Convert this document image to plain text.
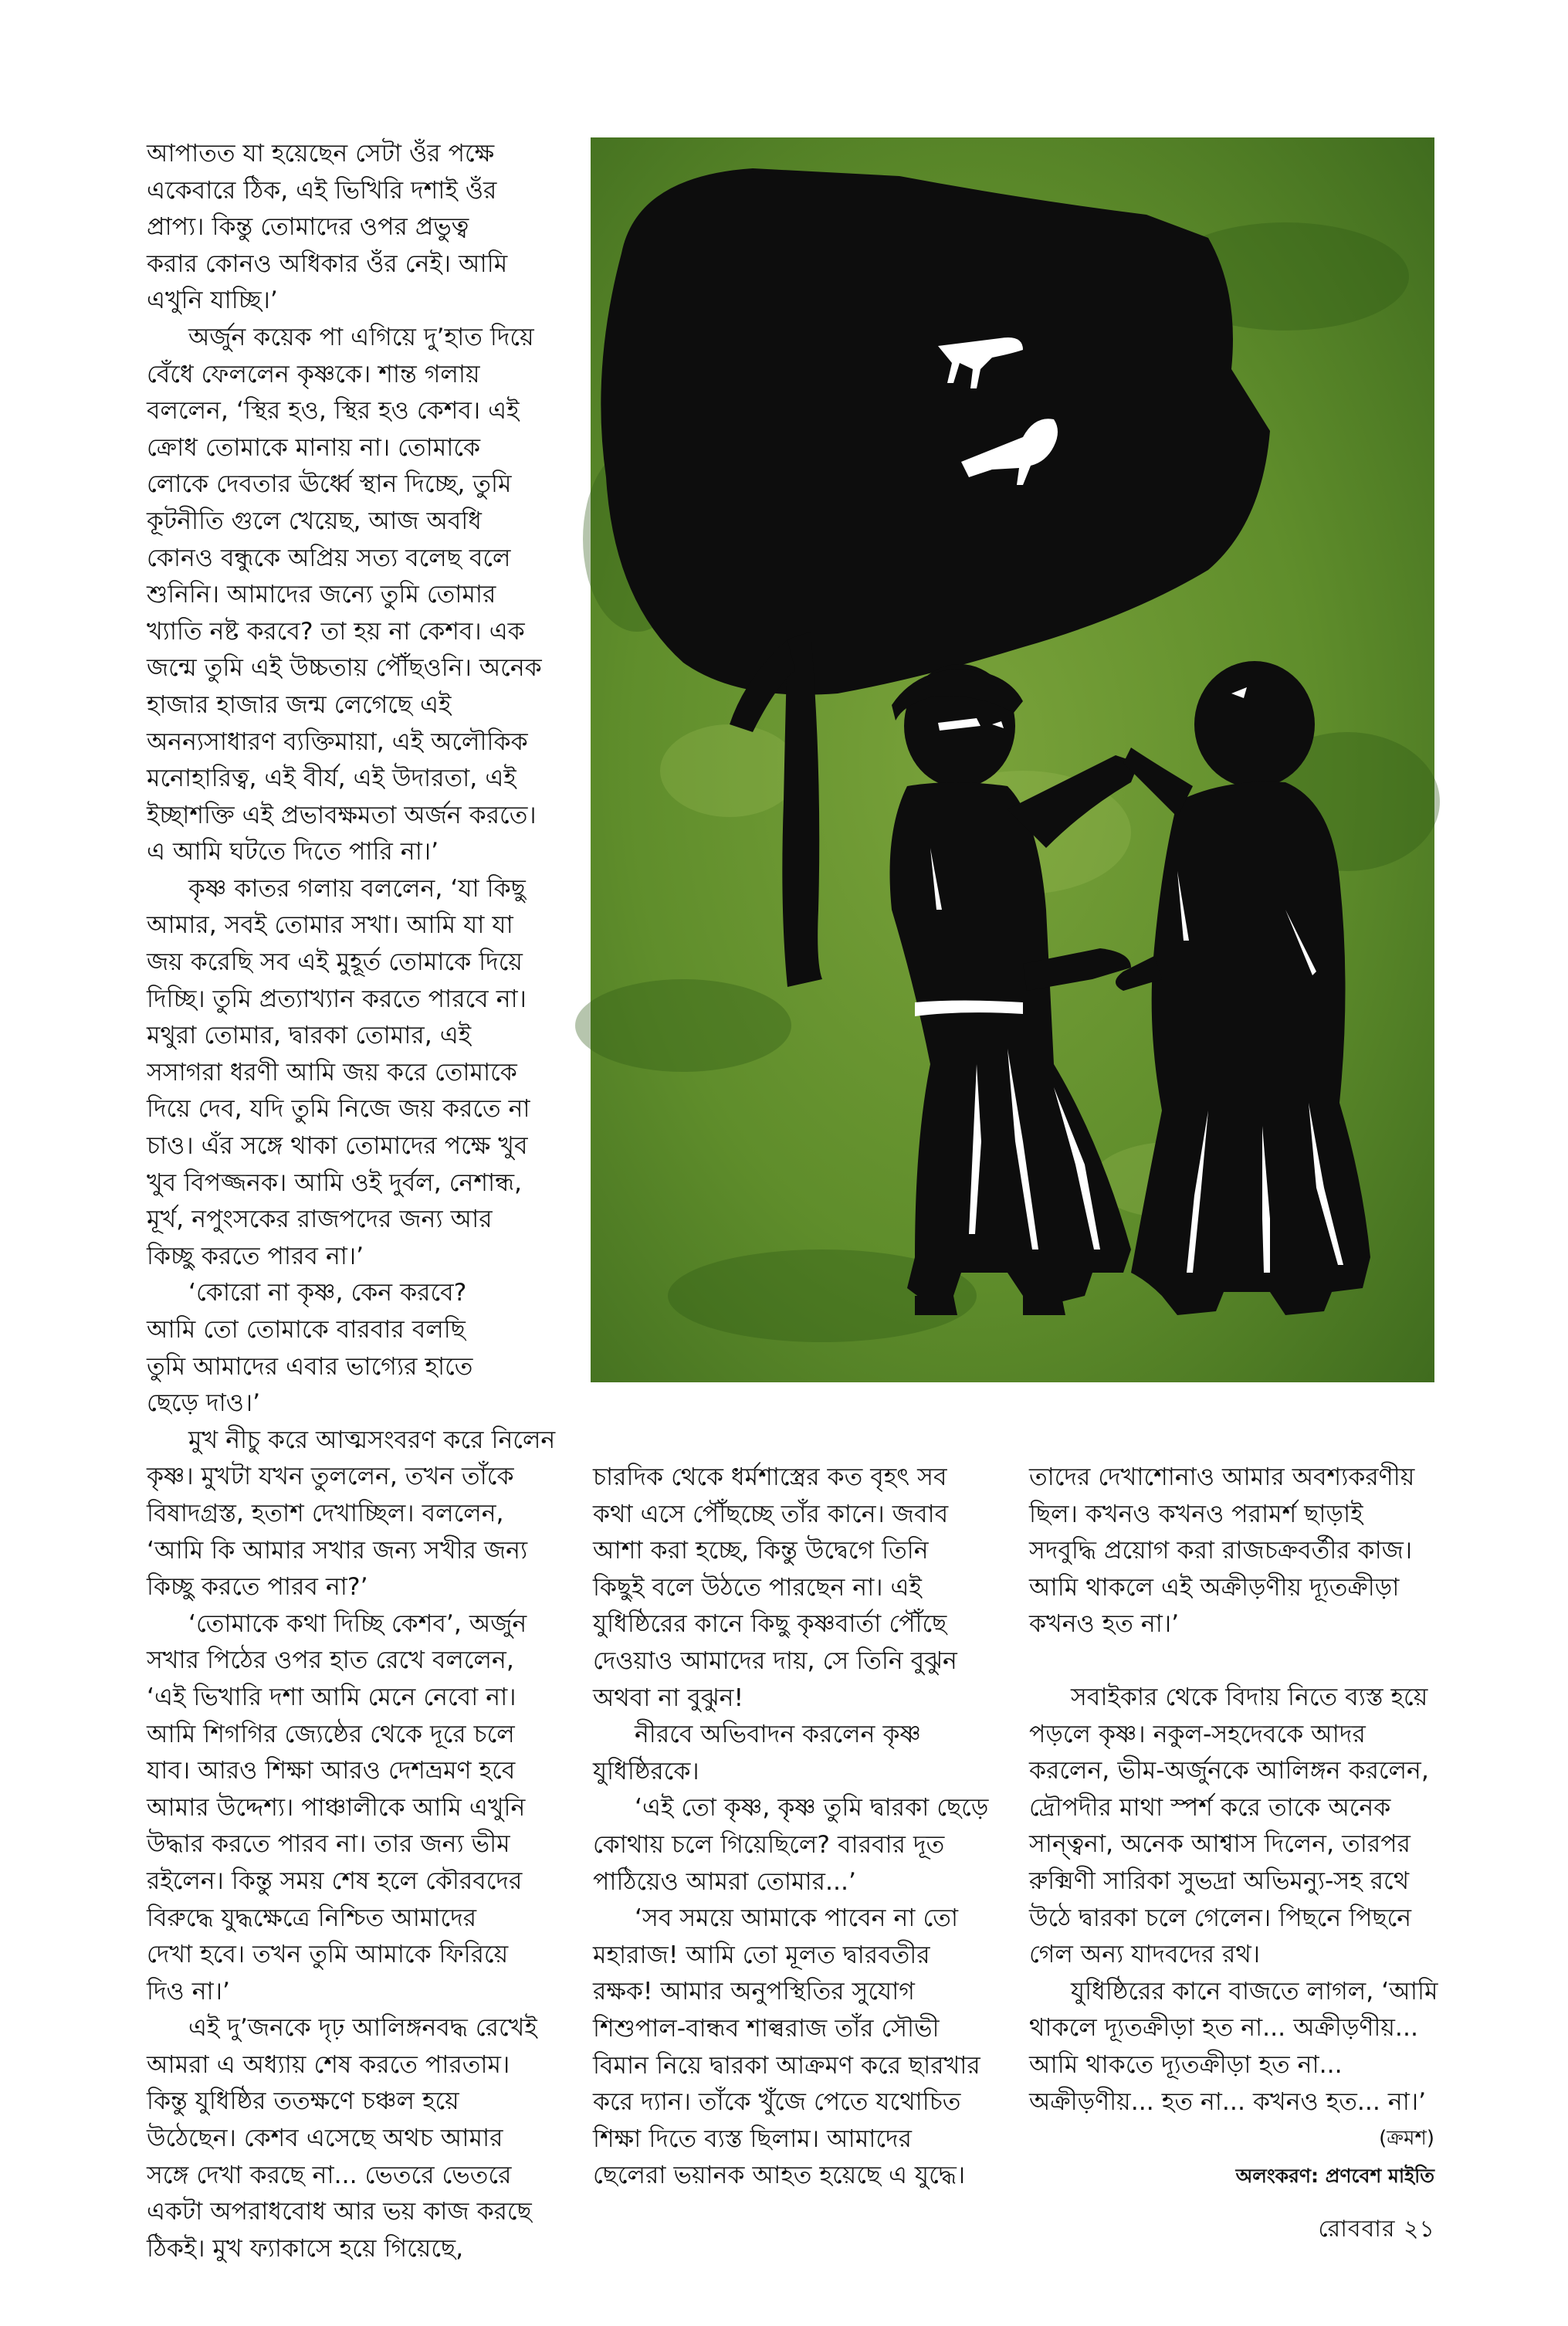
আপাতত যা হয়েছেন সেটা ওঁর পক্ষে

একেবারে ঠিক, এই ভিখিরি দশাই ওঁর

প্রাপ্য। কিন্তু তোমাদের ওপর প্রভুত্ব

করার কোনও অধিকার ওঁর নেই। আমি

এখুনি যাচ্ছি।’

অর্জুন কয়েক পা এগিয়ে দু’হাত দিয়ে

বেঁধে ফেললেন কৃষ্ণকে। শান্ত গলায়

বললেন, ‘স্থির হও, স্থির হও কেশব। এই

ক্রোধ তোমাকে মানায় না। তোমাকে

লোকে দেবতার ঊর্ধ্বে স্থান দিচ্ছে, তুমি

কূটনীতি গুলে খেয়েছ, আজ অবধি

কোনও বন্ধুকে অপ্রিয় সত্য বলেছ বলে

শুনিনি। আমাদের জন্যে তুমি তোমার

খ্যাতি নষ্ট করবে? তা হয় না কেশব। এক

জন্মে তুমি এই উচ্চতায় পৌঁছওনি। অনেক

হাজার হাজার জন্ম লেগেছে এই

অনন্যসাধারণ ব্যক্তিমায়া, এই অলৌকিক

মনোহারিত্ব, এই বীর্য, এই উদারতা, এই

ইচ্ছাশক্তি এই প্রভাবক্ষমতা অর্জন করতে।

এ আমি ঘটতে দিতে পারি না।’

কৃষ্ণ কাতর গলায় বললেন, ‘যা কিছু

আমার, সবই তোমার সখা। আমি যা যা

জয় করেছি সব এই মুহূর্ত তোমাকে দিয়ে

দিচ্ছি। তুমি প্রত্যাখ্যান করতে পারবে না।

মথুরা তোমার, দ্বারকা তোমার, এই

সসাগরা ধরণী আমি জয় করে তোমাকে

দিয়ে দেব, যদি তুমি নিজে জয় করতে না

চাও। এঁর সঙ্গে থাকা তোমাদের পক্ষে খুব

খুব বিপজ্জনক। আমি ওই দুর্বল, নেশান্ধ,

মূর্খ, নপুংসকের রাজপদের জন্য আর

কিচ্ছু করতে পারব না।’

‘কোরো না কৃষ্ণ, কেন করবে?

আমি তো তোমাকে বারবার বলছি

তুমি আমাদের এবার ভাগ্যের হাতে

ছেড়ে দাও।’

মুখ নীচু করে আত্মসংবরণ করে নিলেন

কৃষ্ণ। মুখটা যখন তুললেন, তখন তাঁকে

বিষাদগ্রস্ত, হতাশ দেখাচ্ছিল। বললেন,

‘আমি কি আমার সখার জন্য সখীর জন্য

কিচ্ছু করতে পারব না?’

‘তোমাকে কথা দিচ্ছি কেশব’, অর্জুন

সখার পিঠের ওপর হাত রেখে বললেন,

‘এই ভিখারি দশা আমি মেনে নেবো না।

আমি শিগগির জ্যেষ্ঠের থেকে দূরে চলে

যাব। আরও শিক্ষা আরও দেশভ্রমণ হবে

আমার উদ্দেশ্য। পাঞ্চালীকে আমি এখুনি

উদ্ধার করতে পারব না। তার জন্য ভীম

রইলেন। কিন্তু সময় শেষ হলে কৌরবদের

বিরুদ্ধে যুদ্ধক্ষেত্রে নিশ্চিত আমাদের

দেখা হবে। তখন তুমি আমাকে ফিরিয়ে

দিও না।’

এই দু’জনকে দৃঢ় আলিঙ্গনবদ্ধ রেখেই

আমরা এ অধ্যায় শেষ করতে পারতাম।

কিন্তু যুধিষ্ঠির ততক্ষণে চঞ্চল হয়ে

উঠেছেন। কেশব এসেছে অথচ আমার

সঙ্গে দেখা করছে না... ভেতরে ভেতরে

একটা অপরাধবোধ আর ভয় কাজ করছে

ঠিকই। মুখ ফ্যাকাসে হয়ে গিয়েছে,

চারদিক থেকে ধর্মশাস্ত্রের কত বৃহৎ সব

কথা এসে পৌঁছচ্ছে তাঁর কানে। জবাব

আশা করা হচ্ছে, কিন্তু উদ্বেগে তিনি

কিছুই বলে উঠতে পারছেন না। এই

যুধিষ্ঠিরের কানে কিছু কৃষ্ণবার্তা পৌঁছে

দেওয়াও আমাদের দায়, সে তিনি বুঝুন

অথবা না বুঝুন!

নীরবে অভিবাদন করলেন কৃষ্ণ

যুধিষ্ঠিরকে।

‘এই তো কৃষ্ণ, কৃষ্ণ তুমি দ্বারকা ছেড়ে

কোথায় চলে গিয়েছিলে? বারবার দূত

পাঠিয়েও আমরা তোমার...’

‘সব সময়ে আমাকে পাবেন না তো

মহারাজ! আমি তো মূলত দ্বারবতীর

রক্ষক! আমার অনুপস্থিতির সুযোগ

শিশুপাল-বান্ধব শাল্বরাজ তাঁর সৌভী

বিমান নিয়ে দ্বারকা আক্রমণ করে ছারখার

করে দ্যান। তাঁকে খুঁজে পেতে যথোচিত

শিক্ষা দিতে ব্যস্ত ছিলাম। আমাদের

ছেলেরা ভয়ানক আহত হয়েছে এ যুদ্ধে।

তাদের দেখাশোনাও আমার অবশ্যকরণীয়

ছিল। কখনও কখনও পরামর্শ ছাড়াই

সদবুদ্ধি প্রয়োগ করা রাজচক্রবর্তীর কাজ।

আমি থাকলে এই অক্রীড়ণীয় দ্যূতক্রীড়া

কখনও হত না।’

সবাইকার থেকে বিদায় নিতে ব্যস্ত হয়ে

পড়লে কৃষ্ণ। নকুল-সহদেবকে আদর

করলেন, ভীম-অর্জুনকে আলিঙ্গন করলেন,

দ্রৌপদীর মাথা স্পর্শ করে তাকে অনেক

সান্ত্বনা, অনেক আশ্বাস দিলেন, তারপর

রুক্মিণী সারিকা সুভদ্রা অভিমন্যু-সহ রথে

উঠে দ্বারকা চলে গেলেন। পিছনে পিছনে

গেল অন্য যাদবদের রথ।

যুধিষ্ঠিরের কানে বাজতে লাগল, ‘আমি

থাকলে দ্যূতক্রীড়া হত না... অক্রীড়ণীয়...

আমি থাকতে দ্যূতক্রীড়া হত না...

অক্রীড়ণীয়... হত না... কখনও হত... না।’

(ক্রমশ)

অলংকরণ: প্রণবেশ মাইতি

রোববার ২১
